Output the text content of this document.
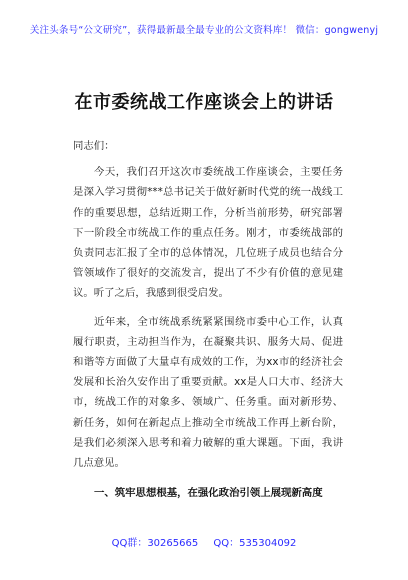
关注头条号“公文研究”，获得最新最全最专业的公文资料库！ 微信：gongwenyj
在市委统战工作座谈会上的讲话

同志们：

今天，我们召开这次市委统战工作座谈会，主要任务是深入学习贯彻***总书记关于做好新时代党的统一战线工作的重要思想，总结近期工作，分析当前形势，研究部署下一阶段全市统战工作的重点任务。刚才，市委统战部的负责同志汇报了全市的总体情况，几位班子成员也结合分管领域作了很好的交流发言，提出了不少有价值的意见建议。听了之后，我感到很受启发。

近年来，全市统战系统紧紧围绕市委中心工作，认真履行职责，主动担当作为，在凝聚共识、服务大局、促进和谐等方面做了大量卓有成效的工作，为xx市的经济社会发展和长治久安作出了重要贡献。xx是人口大市、经济大市，统战工作的对象多、领域广、任务重。面对新形势、新任务，如何在新起点上推动全市统战工作再上新台阶，是我们必须深入思考和着力破解的重大课题。下面，我讲几点意见。

一、筑牢思想根基，在强化政治引领上展现新高度

QQ群：30265665 QQ：535304092
